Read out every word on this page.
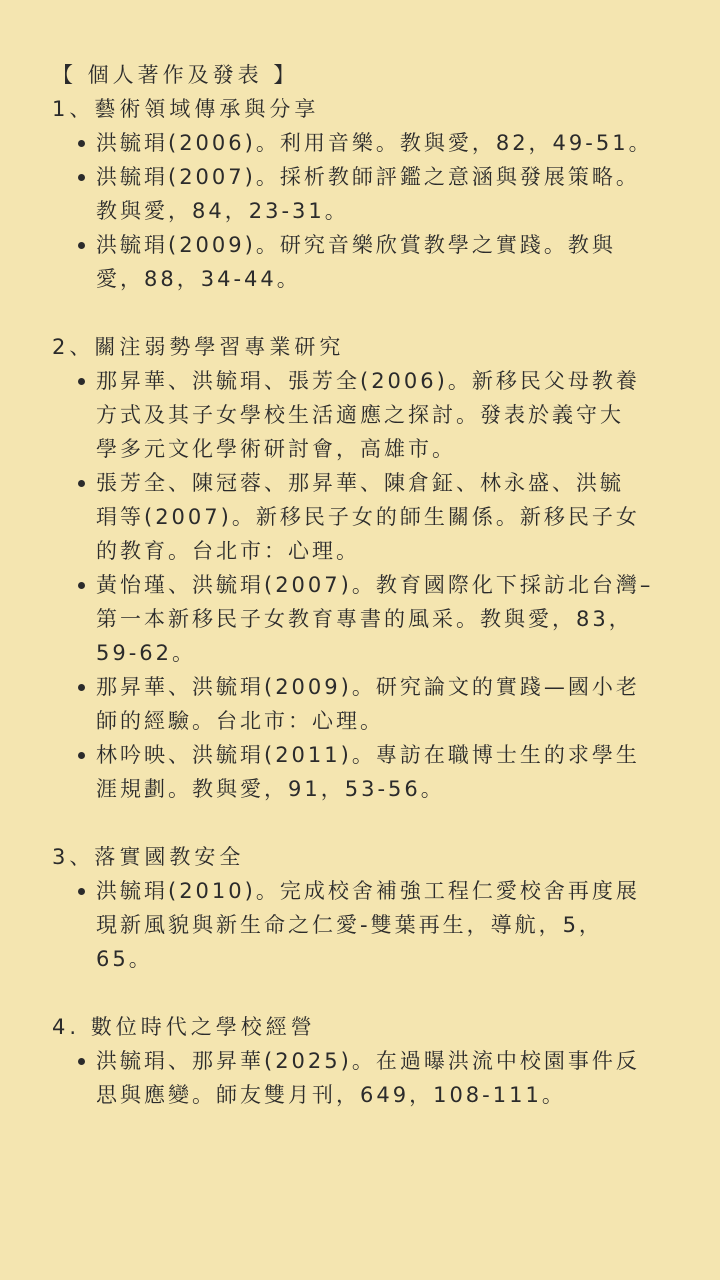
【 個人著作及發表 】
1、藝術領域傳承與分享
洪毓琄(2006)。利用音樂。教與愛，82，49-51。
洪毓琄(2007)。採析教師評鑑之意涵與發展策略。
教與愛，84，23-31。
洪毓琄(2009)。研究音樂欣賞教學之實踐。教與
愛，88，34-44。
2、關注弱勢學習專業研究
那昇華、洪毓琄、張芳全(2006)。新移民父母教養
方式及其子女學校生活適應之探討。發表於義守大
學多元文化學術研討會，高雄市。
張芳全、陳冠蓉、那昇華、陳倉鉦、林永盛、洪毓
琄等(2007)。新移民子女的師生關係。新移民子女
的教育。台北市：心理。
黃怡瑾、洪毓琄(2007)。教育國際化下採訪北台灣–
第一本新移民子女教育專書的風采。教與愛，83，
59-62。
那昇華、洪毓琄(2009)。研究論文的實踐—國小老
師的經驗。台北市：心理。
林吟映、洪毓琄(2011)。專訪在職博士生的求學生
涯規劃。教與愛，91，53-56。
3、落實國教安全
洪毓琄(2010)。完成校舍補強工程仁愛校舍再度展
現新風貌與新生命之仁愛-雙葉再生，導航，5，
65。
4. 數位時代之學校經營
洪毓琄、那昇華(2025)。在過曝洪流中校園事件反
思與應變。師友雙月刊，649，108-111。
